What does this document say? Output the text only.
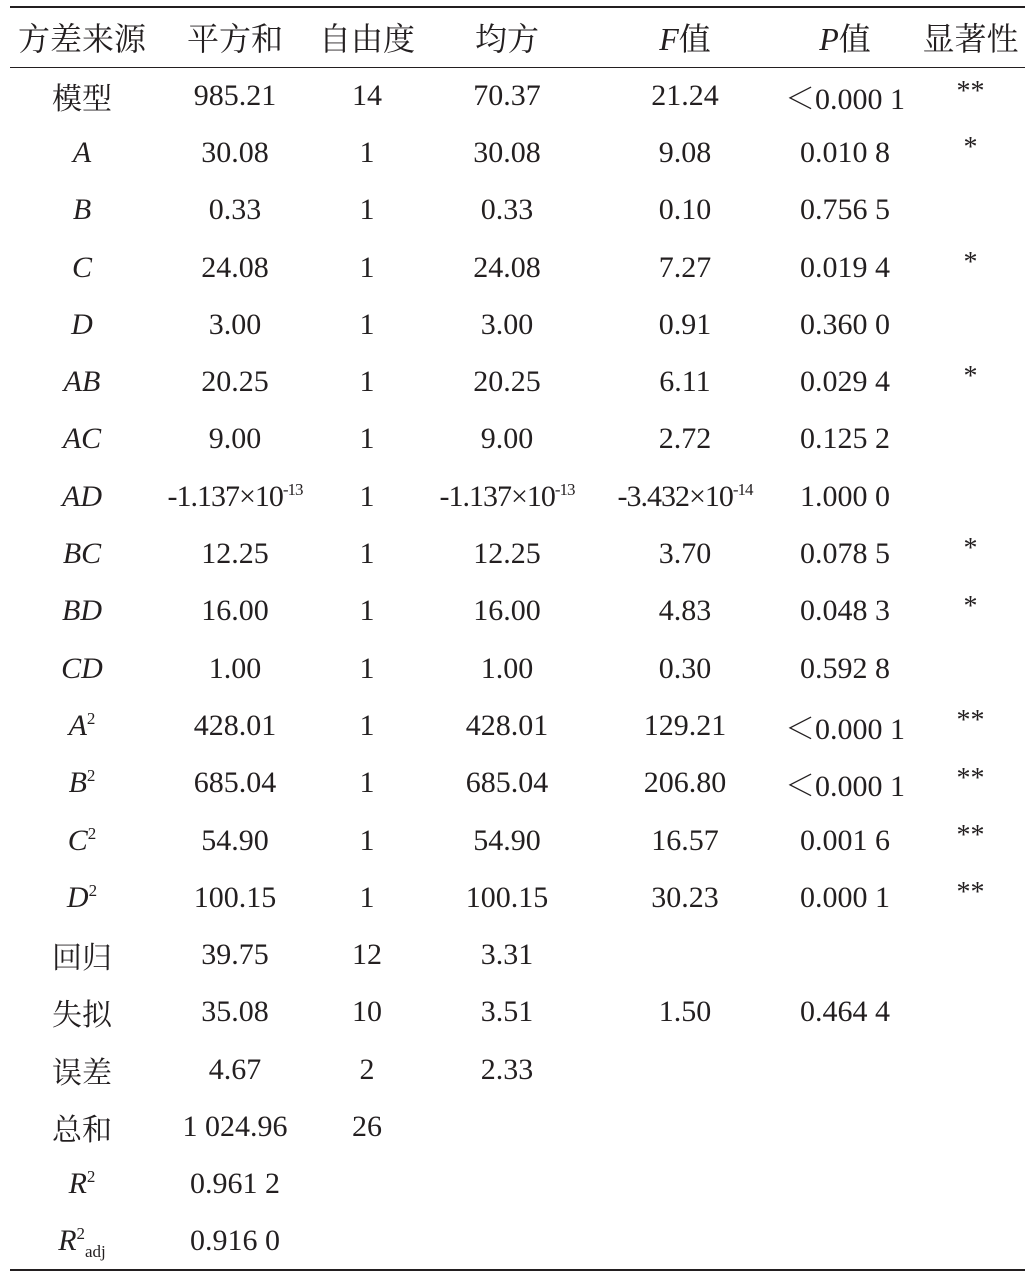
方差来源	平方和	自由度	均方	F值	P值	显著性
模型	985.21	14	70.37	21.24	＜0.000 1	**
A	30.08	1	30.08	9.08	0.010 8	*
B	0.33	1	0.33	0.10	0.756 5	
C	24.08	1	24.08	7.27	0.019 4	*
D	3.00	1	3.00	0.91	0.360 0	
AB	20.25	1	20.25	6.11	0.029 4	*
AC	9.00	1	9.00	2.72	0.125 2	
AD	$-1.137\times 10^{-13}$	1	$-1.137\times 10^{-13}$	$-3.432\times 10^{-14}$	1.000 0	
BC	12.25	1	12.25	3.70	0.078 5	*
BD	16.00	1	16.00	4.83	0.048 3	*
CD	1.00	1	1.00	0.30	0.592 8	
$A^2$	428.01	1	428.01	129.21	＜0.000 1	**
$B^2$	685.04	1	685.04	206.80	＜0.000 1	**
$C^2$	54.90	1	54.90	16.57	0.001 6	**
$D^2$	100.15	1	100.15	30.23	0.000 1	**
回归	39.75	12	3.31			
失拟	35.08	10	3.51	1.50	0.464 4	
误差	4.67	2	2.33			
总和	1 024.96	26				
$R^2$	0.961 2					
$R^2_{adj}$	0.916 0					
